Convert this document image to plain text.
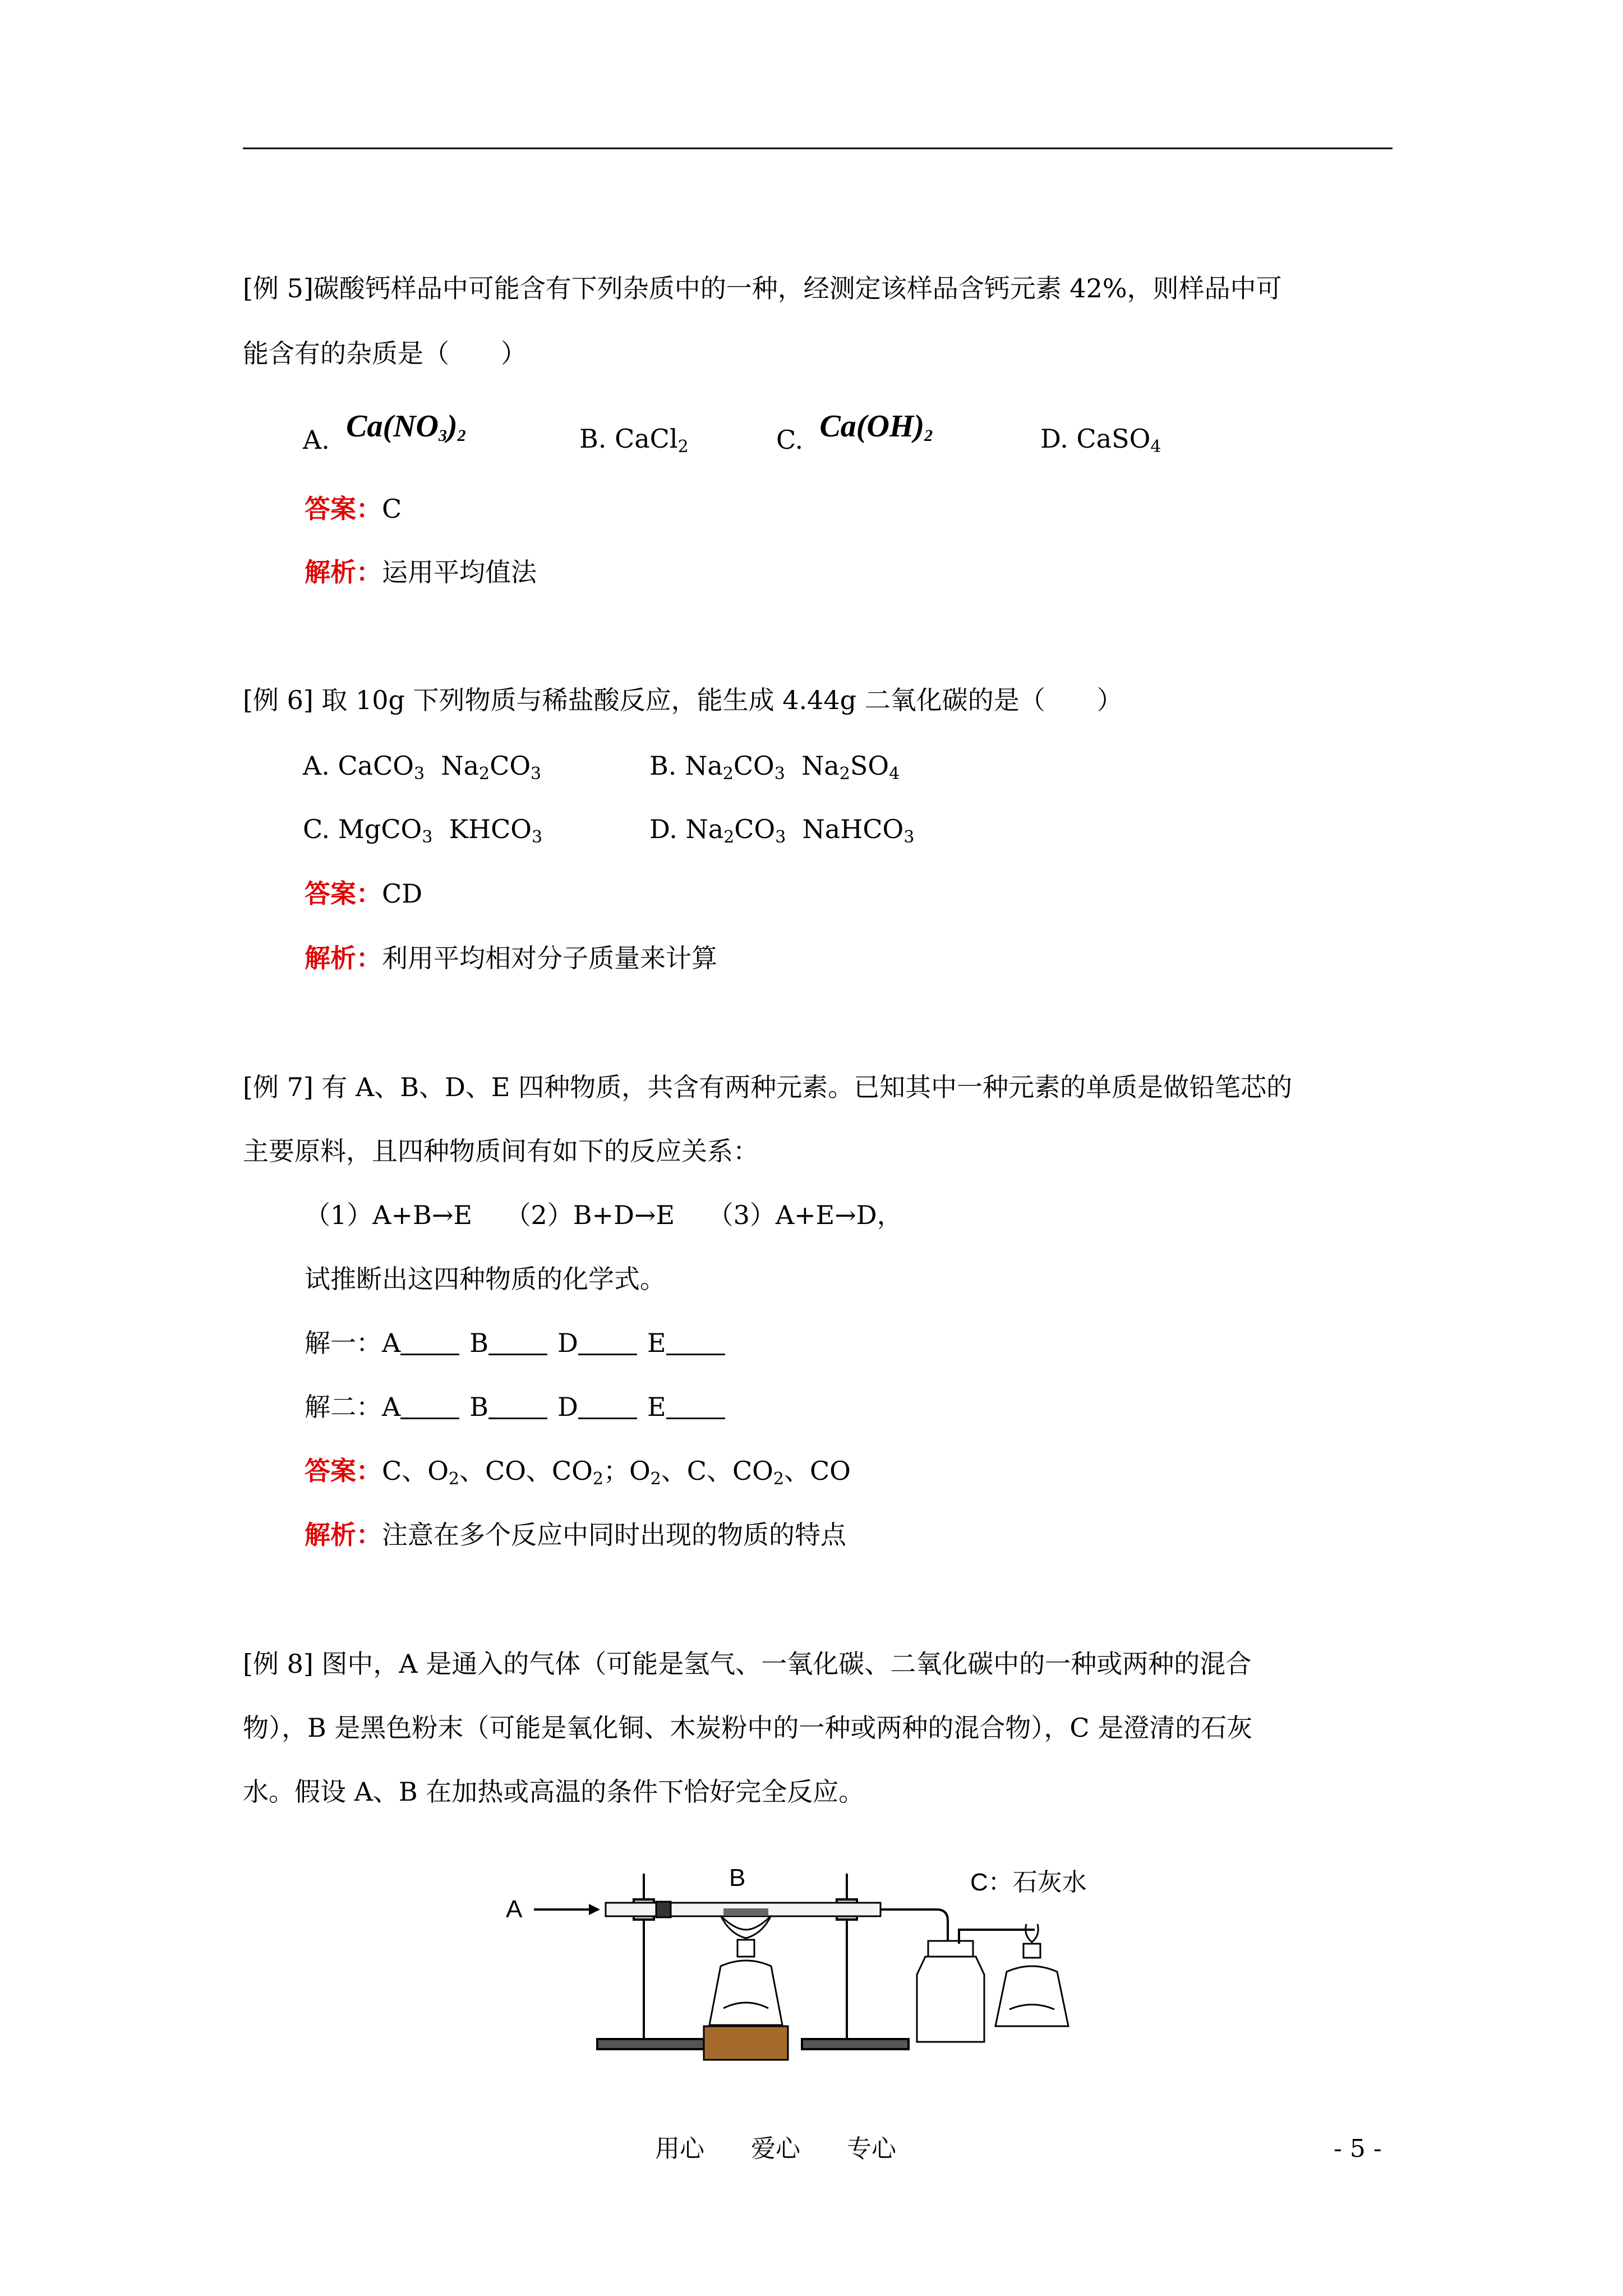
[例 5]碳酸钙样品中可能含有下列杂质中的一种，经测定该样品含钙元素 42%，则样品中可
能含有的杂质是（　　）
A. $Ca(NO_3)_2$	B. CaCl$_2$	C. $Ca(OH)_2$	D. CaSO$_4$
答案：C
解析：运用平均值法
[例 6] 取 10g 下列物质与稀盐酸反应，能生成 4.44g 二氧化碳的是（　　）
A. CaCO$_3$ $Na_2CO_3$	B. $Na_2CO_3$ $Na_2SO_4$
C. MgCO$_3$ $KHCO_3$	D. $Na_2CO_3$ NaHCO$_3$
答案：CD
解析：利用平均相对分子质量来计算
[例 7] 有 A、B、D、E 四种物质，共含有两种元素。已知其中一种元素的单质是做铅笔芯的
主要原料，且四种物质间有如下的反应关系：
（1）A+B→E （2）B+D→E （3）A+E→D，
试推断出这四种物质的化学式。
解一：A	B	D	E
解二：A	B	D	E
答案：C、$O_2$、CO、$CO_2$；$O_2$、C、$CO_2$、CO
解析：注意在多个反应中同时出现的物质的特点
[例 8] 图中，A 是通入的气体（可能是氢气、一氧化碳、二氧化碳中的一种或两种的混合
物），B 是黑色粉末（可能是氧化铜、木炭粉中的一种或两种的混合物），C 是澄清的石灰
水。假设 A、B 在加热或高温的条件下恰好完全反应。
A
B	C：石灰水
用心 爱心 专心	- 5 -
